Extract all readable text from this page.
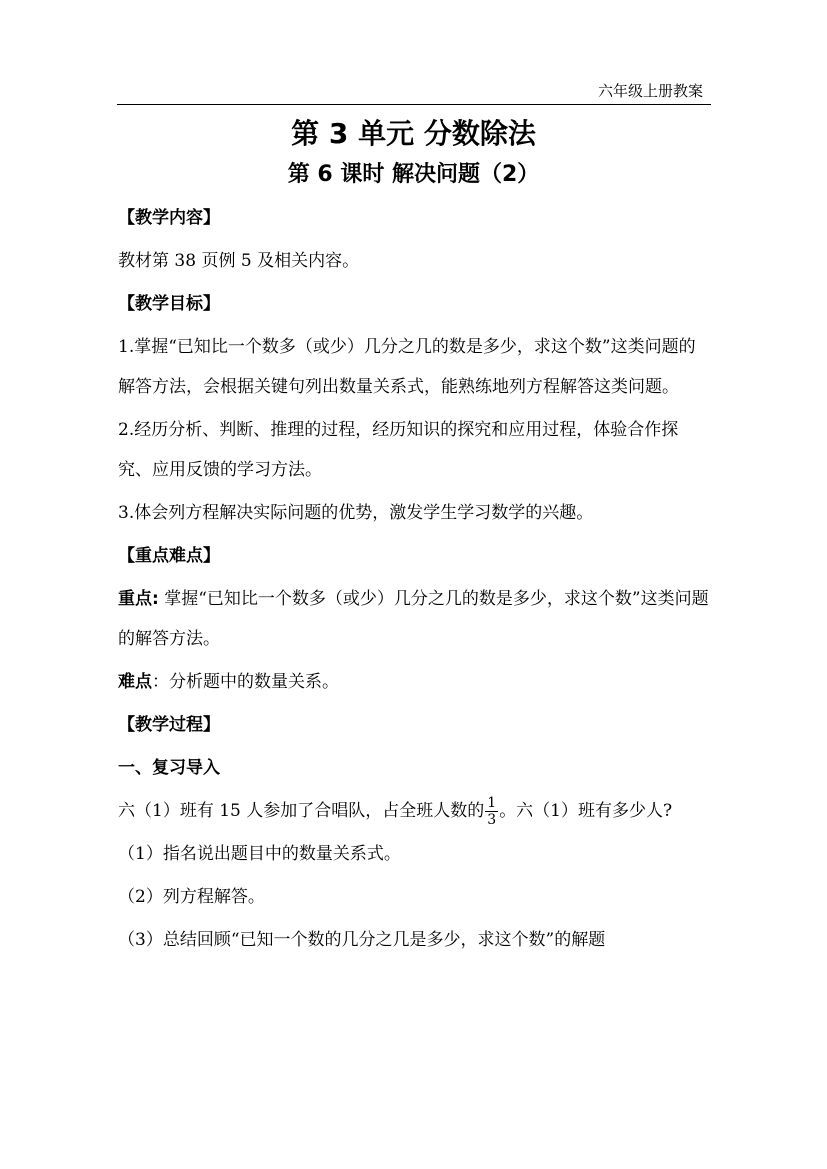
六年级上册教案
第 3 单元 分数除法
第 6 课时 解决问题（2）

【教学内容】

教材第 38 页例 5 及相关内容。

【教学目标】

1.掌握“已知比一个数多（或少）几分之几的数是多少，求这个数”这类问题的解答方法，会根据关键句列出数量关系式，能熟练地列方程解答这类问题。

2.经历分析、判断、推理的过程，经历知识的探究和应用过程，体验合作探究、应用反馈的学习方法。

3.体会列方程解决实际问题的优势，激发学生学习数学的兴趣。

【重点难点】

重点: 掌握“已知比一个数多（或少）几分之几的数是多少，求这个数”这类问题的解答方法。

难点：分析题中的数量关系。

【教学过程】

一、复习导入

六（1）班有 15 人参加了合唱队，占全班人数的 $\frac{1}{3}$ 。六（1）班有多少人?

（1）指名说出题目中的数量关系式。

（2）列方程解答。

（3）总结回顾“已知一个数的几分之几是多少，求这个数”的解题
